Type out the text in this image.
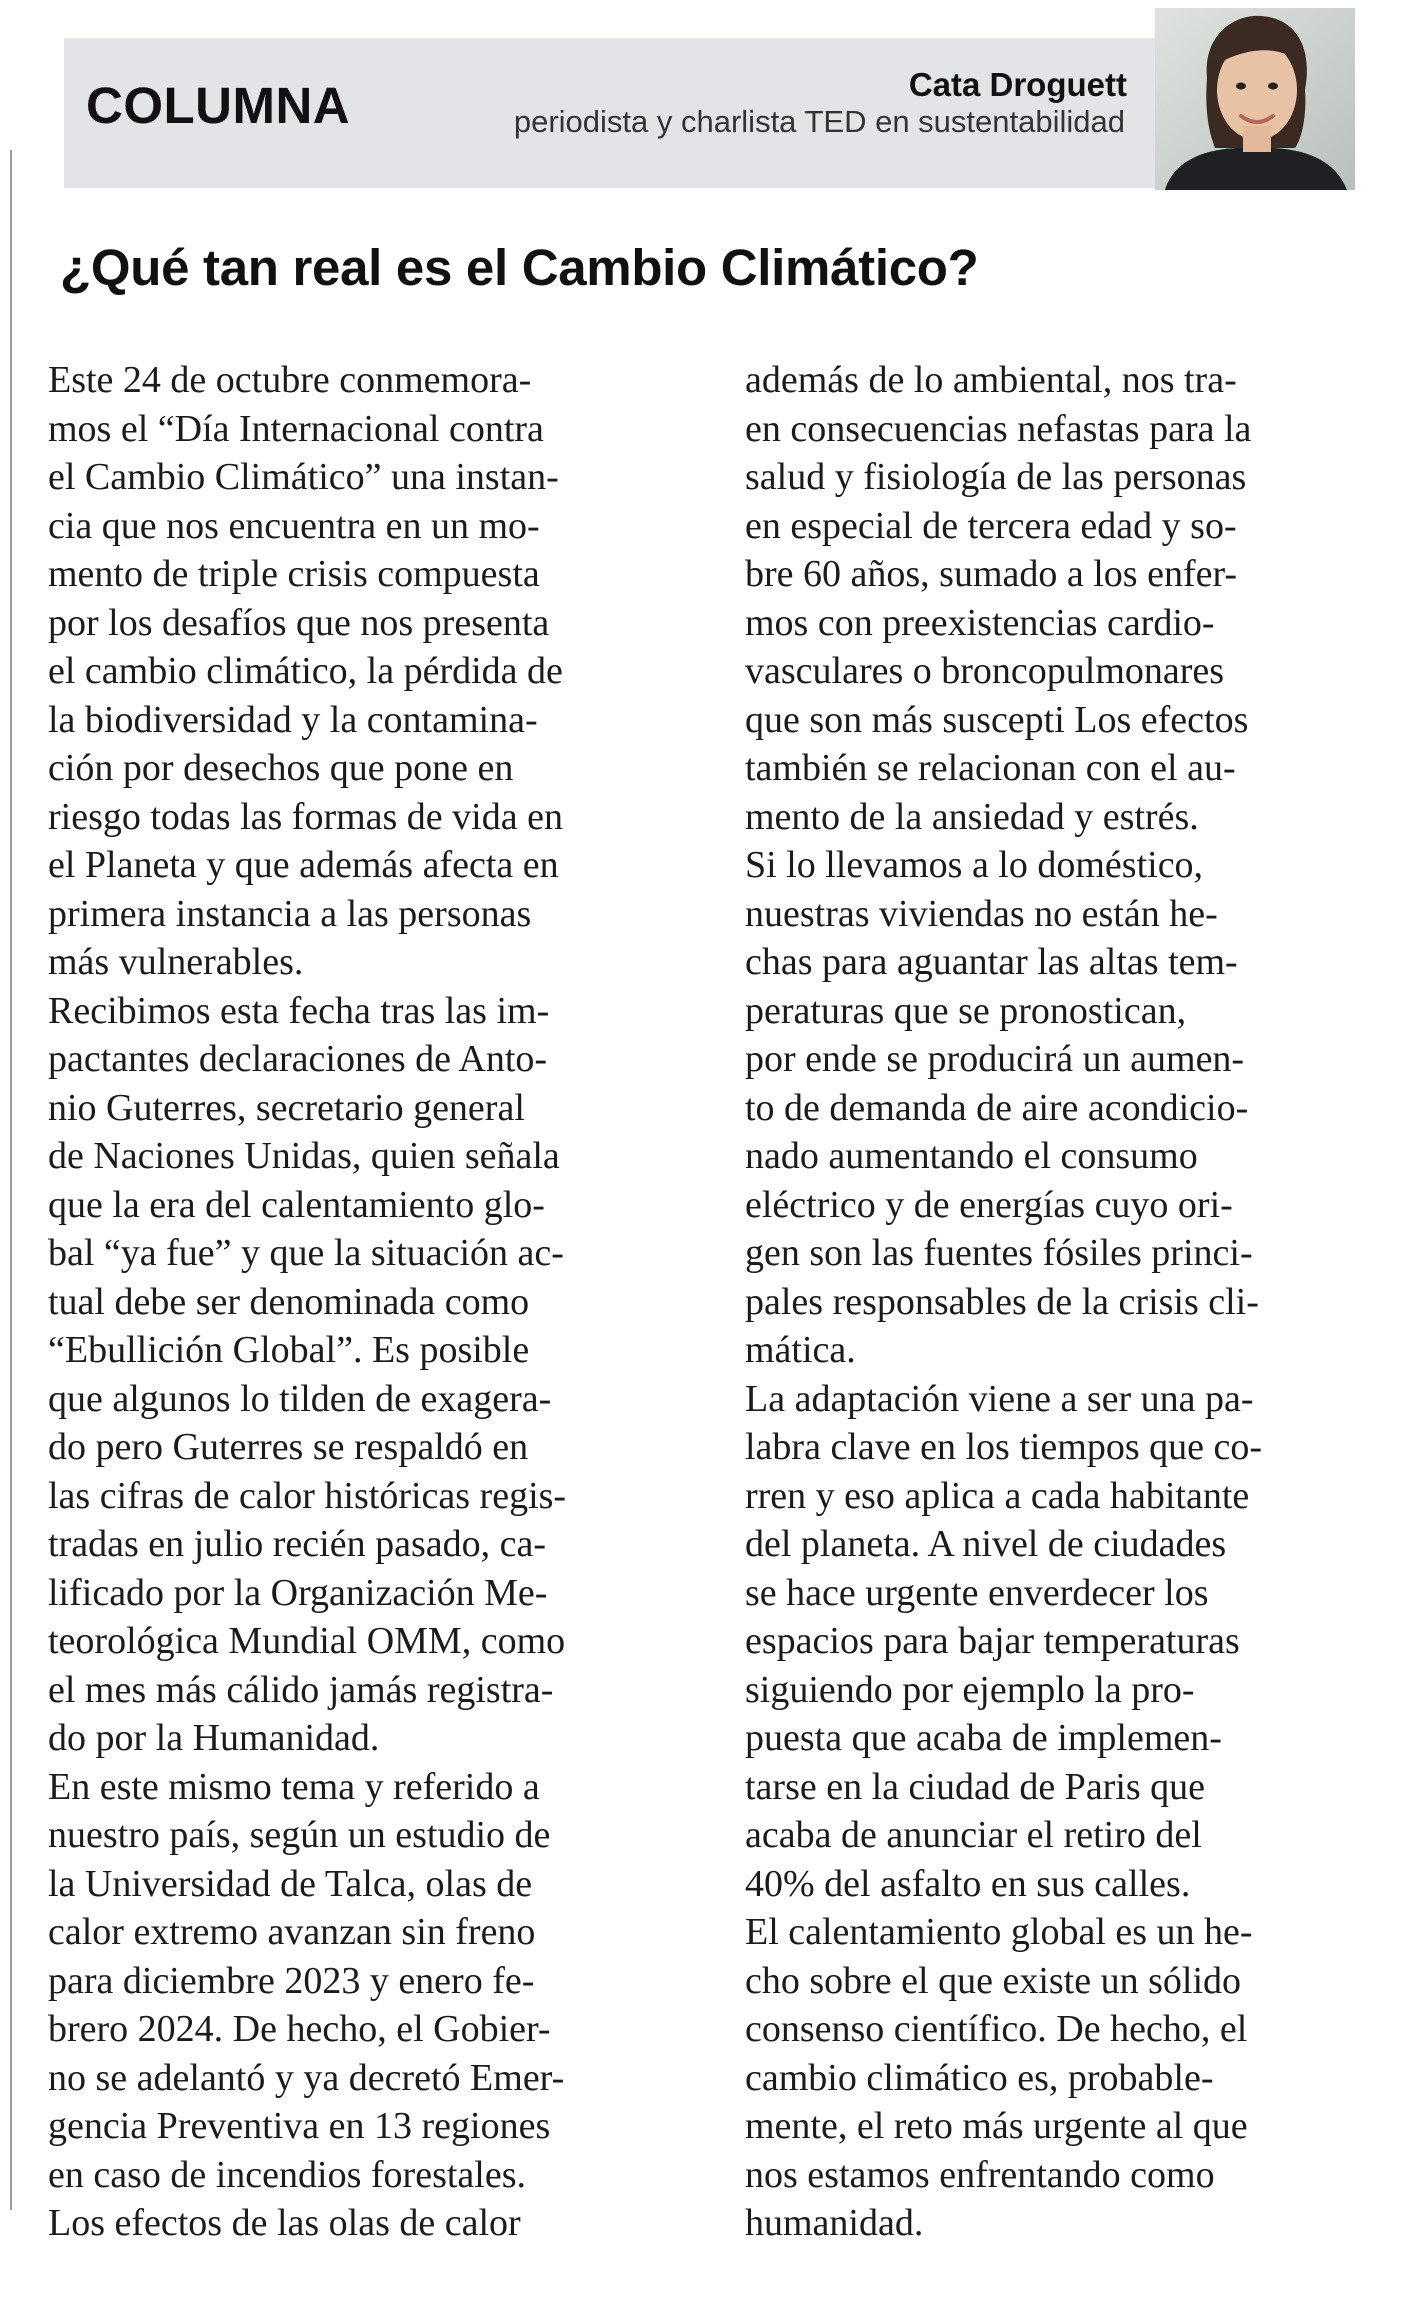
COLUMNA	Cata Droguett
periodista y charlista TED en sustentabilidad
¿Qué tan real es el Cambio Climático?
Este 24 de octubre conmemora-
mos el “Día Internacional contra
el Cambio Climático” una instan-
cia que nos encuentra en un mo-
mento de triple crisis compuesta
por los desafíos que nos presenta
el cambio climático, la pérdida de
la biodiversidad y la contamina-
ción por desechos que pone en
riesgo todas las formas de vida en
el Planeta y que además afecta en
primera instancia a las personas
más vulnerables.
Recibimos esta fecha tras las im-
pactantes declaraciones de Anto-
nio Guterres, secretario general
de Naciones Unidas, quien señala
que la era del calentamiento glo-
bal “ya fue” y que la situación ac-
tual debe ser denominada como
“Ebullición Global”. Es posible
que algunos lo tilden de exagera-
do pero Guterres se respaldó en
las cifras de calor históricas regis-
tradas en julio recién pasado, ca-
lificado por la Organización Me-
teorológica Mundial OMM, como
el mes más cálido jamás registra-
do por la Humanidad.
En este mismo tema y referido a
nuestro país, según un estudio de
la Universidad de Talca, olas de
calor extremo avanzan sin freno
para diciembre 2023 y enero fe-
brero 2024. De hecho, el Gobier-
no se adelantó y ya decretó Emer-
gencia Preventiva en 13 regiones
en caso de incendios forestales.
Los efectos de las olas de calor
además de lo ambiental, nos tra-
en consecuencias nefastas para la
salud y fisiología de las personas
en especial de tercera edad y so-
bre 60 años, sumado a los enfer-
mos con preexistencias cardio-
vasculares o broncopulmonares
que son más suscepti Los efectos
también se relacionan con el au-
mento de la ansiedad y estrés.
Si lo llevamos a lo doméstico,
nuestras viviendas no están he-
chas para aguantar las altas tem-
peraturas que se pronostican,
por ende se producirá un aumen-
to de demanda de aire acondicio-
nado aumentando el consumo
eléctrico y de energías cuyo ori-
gen son las fuentes fósiles princi-
pales responsables de la crisis cli-
mática.
La adaptación viene a ser una pa-
labra clave en los tiempos que co-
rren y eso aplica a cada habitante
del planeta. A nivel de ciudades
se hace urgente enverdecer los
espacios para bajar temperaturas
siguiendo por ejemplo la pro-
puesta que acaba de implemen-
tarse en la ciudad de Paris que
acaba de anunciar el retiro del
40% del asfalto en sus calles.
El calentamiento global es un he-
cho sobre el que existe un sólido
consenso científico. De hecho, el
cambio climático es, probable-
mente, el reto más urgente al que
nos estamos enfrentando como
humanidad.
